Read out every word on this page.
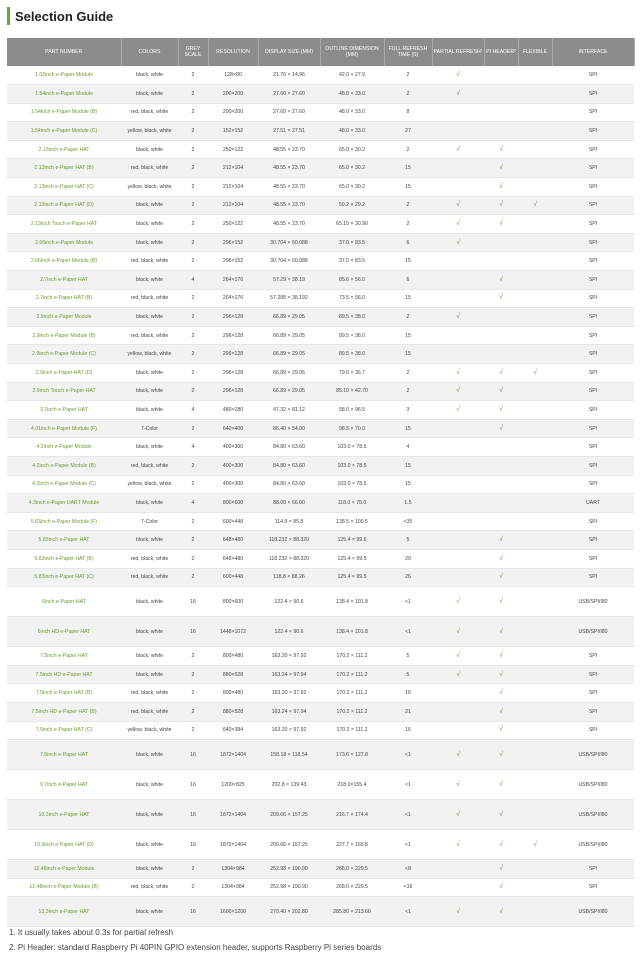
Selection Guide
PART NUMBER	COLORS	GREY SCALE	RESOLUTION	DISPLAY SIZE (MM)	OUTLINE DIMENSION (MM)	FULL REFRESH TIME (S)	PARTIAL REFRESH¹	PI HEADER²	FLEXIBLE	INTERFACE
1.02inch e-Paper Module	black, white	2	128×80	21.76 × 14.96	42.0 × 27.9	2	√			SPI
1.54inch e-Paper Module	black, white	2	200×200	27.60 × 27.60	48.0 × 33.0	2	√			SPI
1.54inch e-Paper Module (B)	red, black, white	2	200×200	27.60 × 27.60	48.0 × 33.0	8				SPI
1.54inch e-Paper Module (C)	yellow, black, white	2	152×152	27.51 × 27.51	48.0 × 33.0	27				SPI
2.13inch e-Paper HAT	black, white	2	250×122	48.55 × 23.70	65.0 × 30.2	2	√	√		SPI
2.13inch e-Paper HAT (B)	red, black, white	2	212×104	48.55 × 23.70	65.0 × 30.2	15		√		SPI
2.13inch e-Paper HAT (C)	yellow, black, white	2	212×104	48.55 × 23.70	65.0 × 30.2	15		√		SPI
2.13inch e-Paper HAT (D)	black, white	2	212×104	48.55 × 23.70	59.2 × 29.2	2	√	√	√	SPI
2.13inch Touch e-Paper HAT	black, white	2	250×122	48.55 × 23.70	65.15 × 30.90	2	√	√		SPI
2.66inch e-Paper Module	black, white	2	296×152	30.704 × 60.088	37.0 × 83.5	6	√			SPI
2.66inch e-Paper Module (B)	red, black, white	2	296×152	30.704 × 60.088	37.0 × 83.5	15				SPI
2.7inch e-Paper HAT	black, white	4	264×176	57.29 × 38.19	85.6 × 56.0	6		√		SPI
2.7inch e-Paper HAT (B)	red, black, white	2	264×176	57.288 × 38.192	73.5 × 56.0	15		√		SPI
2.9inch e-Paper Module	black, white	2	296×128	66.89 × 29.05	89.5 × 38.0	2	√			SPI
2.9inch e-Paper Module (B)	red, black, white	2	296×128	66.89 × 29.05	89.5 × 38.0	15				SPI
2.9inch e-Paper Module (C)	yellow, black, white	2	296×128	66.89 × 29.05	89.5 × 38.0	15				SPI
2.9inch e-Paper HAT (D)	black, white	2	296×128	66.89 × 29.05	79.0 × 36.7	2	√	√	√	SPI
2.9inch Touch e-Paper HAT	black, white	2	296×128	66.89 × 29.05	85.10 × 42.70	2	√	√		SPI
3.7inch e-Paper HAT	black, white	4	480×280	47.32 × 81.12	58.0 × 96.5	3	√	√		SPI
4.01inch e-Paper Module (F)	7-Color	2	640×400	86.40 × 54.00	98.5 × 70.0	15		√		SPI
4.2inch e-Paper Module	black, white	4	400×300	84.80 × 63.60	103.0 × 78.5	4				SPI
4.2inch e-Paper Module (B)	red, black, white	2	400×300	84.80 × 63.60	103.0 × 78.5	15				SPI
4.2inch e-Paper Module (C)	yellow, black, white	2	400×300	84.80 × 63.60	103.0 × 78.5	15				SPI
4.3inch e-Paper UART Module	black, white	4	800×600	88.00 × 66.00	118.0 × 75.0	1.5				UART
5.65inch e-Paper Module (F)	7-Color	2	600×448	114.9 × 85.8	138.5 × 100.5	<35				SPI
5.83inch e-Paper HAT	black, white	2	648×480	118.232 × 88.320	125.4 × 99.5	5		√		SPI
5.83inch e-Paper HAT (B)	red, black, white	2	648×480	118.232 × 88.320	125.4 × 99.5	20		√		SPI
5.83inch e-Paper HAT (C)	red, black, white	2	600×448	118.8 × 88.26	125.4 × 99.5	26		√		SPI
6inch e-Paper HAT	black, white	16	800×600	122.4 × 90.6	138.4 × 101.8	<1	√	√		USB/SPI/I80
6inch HD e-Paper HAT	black, white	16	1448×1072	122.4 × 90.6	138.4 × 101.8	<1	√	√		USB/SPI/I80
7.5inch e-Paper HAT	black, white	2	800×480	163.20 × 97.92	170.2 × 111.2	5	√	√		SPI
7.5inch HD e-Paper HAT	black, white	2	880×528	163.24 × 97.94	170.2 × 111.2	5	√	√		SPI
7.5inch e-Paper HAT (B)	red, black, white	2	800×480	163.20 × 97.92	170.2 × 111.2	16		√		SPI
7.5inch HD e-Paper HAT (B)	red, black, white	2	880×528	163.24 × 97.94	170.2 × 111.2	21		√		SPI
7.5inch e-Paper HAT (C)	yellow, black, white	2	640×384	163.20 × 97.92	170.2 × 111.2	16		√		SPI
7.8inch e-Paper HAT	black, white	16	1872×1404	158.18 × 118.54	173.6 × 127.8	<1	√	√		USB/SPI/I80
9.7inch e-Paper HAT	black, white	16	1200×825	202.8 × 139.43	218.0×155.4	<1	√	√		USB/SPI/I80
10.3inch e-Paper HAT	black, white	16	1872×1404	209.66 × 157.25	216.7 × 174.4	<1	√	√		USB/SPI/I80
10.3inch e-Paper HAT (D)	black, white	16	1872×1404	209.66 × 157.25	227.7 × 165.8	<1	√	√	√	USB/SPI/I80
12.48inch e-Paper Module	black, white	2	1304×984	252.98 × 190.90	268.0 × 229.5	<8		√		SPI
12.48inch e-Paper Module (B)	red, black, white	2	1304×984	252.98 × 190.90	268.0 × 229.5	<16		√		SPI
13.3inch e-Paper HAT	black, white	16	1600×1200	270.40 × 202.80	285.80 × 213.60	<1	√	√		USB/SPI/I80
1. It usually takes about 0.3s for partial refresh
2. Pi Header: standard Raspberry Pi 40PIN GPIO extension header, supports Raspberry Pi series boards
